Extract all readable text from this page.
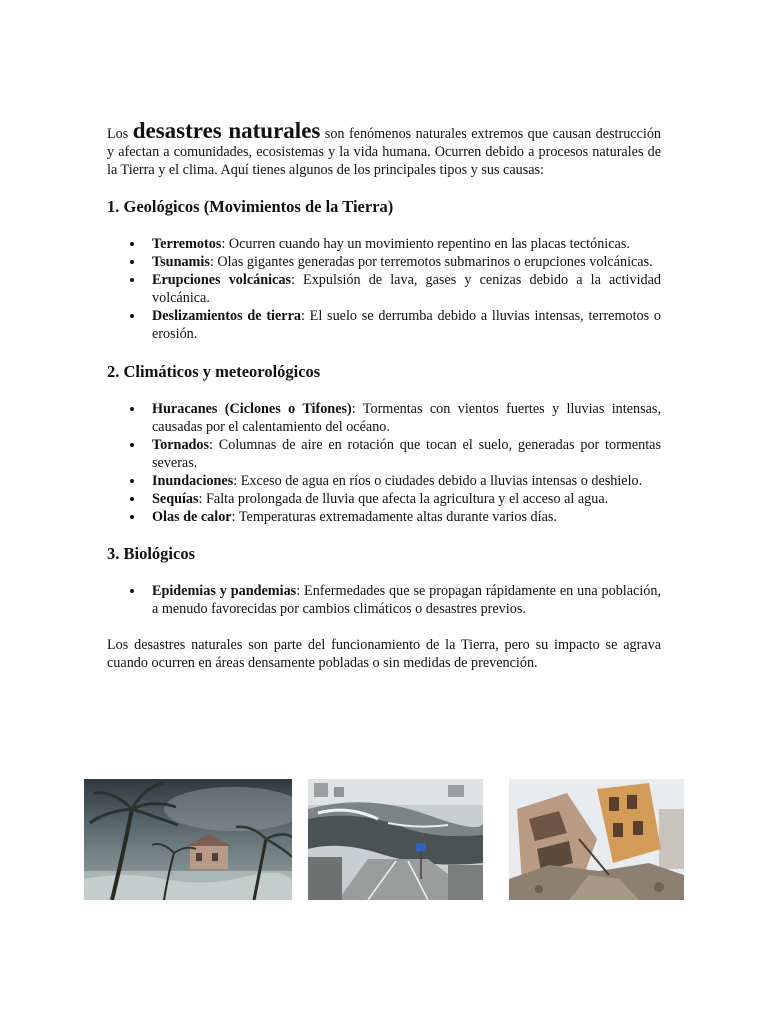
Los desastres naturales son fenómenos naturales extremos que causan destrucción y afectan a comunidades, ecosistemas y la vida humana. Ocurren debido a procesos naturales de la Tierra y el clima. Aquí tienes algunos de los principales tipos y sus causas:

1. Geológicos (Movimientos de la Tierra)
Terremotos: Ocurren cuando hay un movimiento repentino en las placas tectónicas.
Tsunamis: Olas gigantes generadas por terremotos submarinos o erupciones volcánicas.
Erupciones volcánicas: Expulsión de lava, gases y cenizas debido a la actividad volcánica.
Deslizamientos de tierra: El suelo se derrumba debido a lluvias intensas, terremotos o erosión.
2. Climáticos y meteorológicos
Huracanes (Ciclones o Tifones): Tormentas con vientos fuertes y lluvias intensas, causadas por el calentamiento del océano.
Tornados: Columnas de aire en rotación que tocan el suelo, generadas por tormentas severas.
Inundaciones: Exceso de agua en ríos o ciudades debido a lluvias intensas o deshielo.
Sequías: Falta prolongada de lluvia que afecta la agricultura y el acceso al agua.
Olas de calor: Temperaturas extremadamente altas durante varios días.
3. Biológicos
Epidemias y pandemias: Enfermedades que se propagan rápidamente en una población, a menudo favorecidas por cambios climáticos o desastres previos.

Los desastres naturales son parte del funcionamiento de la Tierra, pero su impacto se agrava cuando ocurren en áreas densamente pobladas o sin medidas de prevención.
